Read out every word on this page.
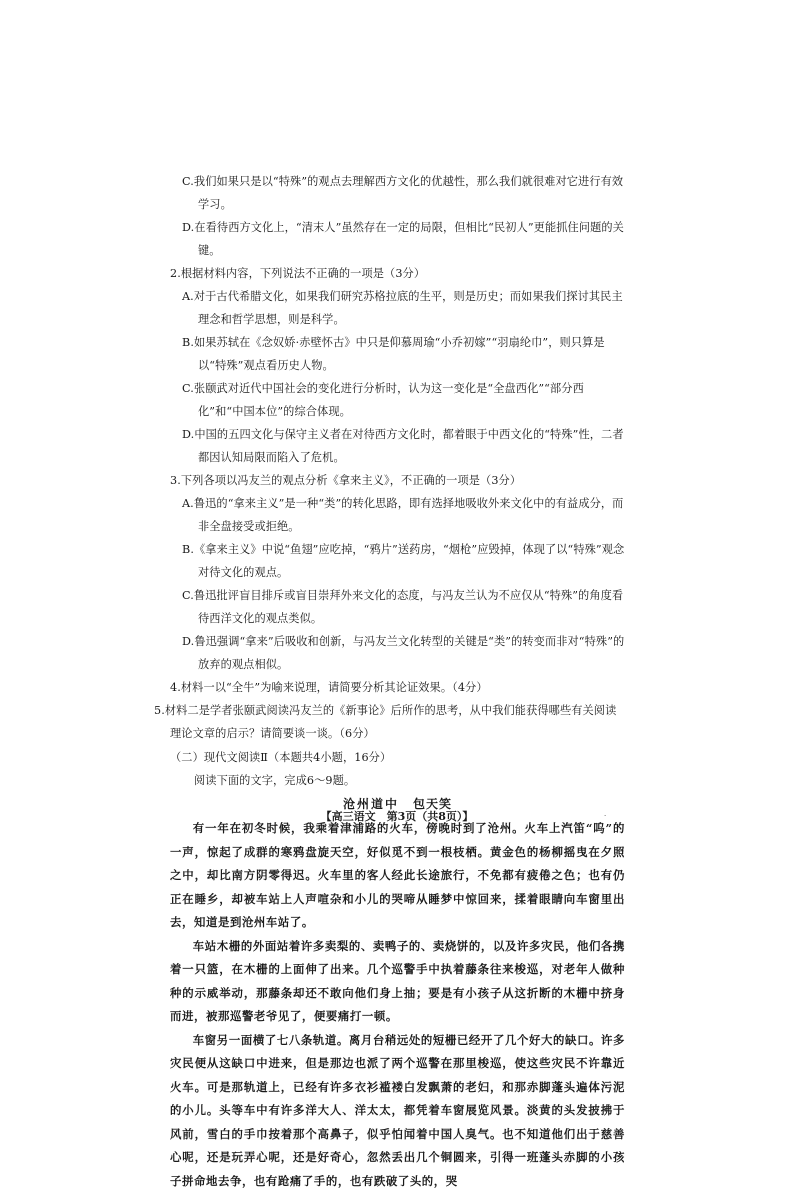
C.我们如果只是以“特殊”的观点去理解西方文化的优越性，那么我们就很难对它进行有效学习。
D.在看待西方文化上，“清末人”虽然存在一定的局限，但相比“民初人”更能抓住问题的关键。
2.根据材料内容，下列说法不正确的一项是（3分）
A.对于古代希腊文化，如果我们研究苏格拉底的生平，则是历史；而如果我们探讨其民主理念和哲学思想，则是科学。
B.如果苏轼在《念奴娇·赤壁怀古》中只是仰慕周瑜“小乔初嫁”“羽扇纶巾”，则只算是以“特殊”观点看历史人物。
C.张颐武对近代中国社会的变化进行分析时，认为这一变化是“全盘西化”“部分西化”和“中国本位”的综合体现。
D.中国的五四文化与保守主义者在对待西方文化时，都着眼于中西文化的“特殊”性，二者都因认知局限而陷入了危机。
3.下列各项以冯友兰的观点分析《拿来主义》，不正确的一项是（3分）
A.鲁迅的“拿来主义”是一种“类”的转化思路，即有选择地吸收外来文化中的有益成分，而非全盘接受或拒绝。
B.《拿来主义》中说“鱼翅”应吃掉，“鸦片”送药房，“烟枪”应毁掉，体现了以“特殊”观念对待文化的观点。
C.鲁迅批评盲目排斥或盲目崇拜外来文化的态度，与冯友兰认为不应仅从“特殊”的角度看待西洋文化的观点类似。
D.鲁迅强调“拿来”后吸收和创新，与冯友兰文化转型的关键是“类”的转变而非对“特殊”的放弃的观点相似。
4.材料一以“全牛”为喻来说理，请简要分析其论证效果。（4分）
5.材料二是学者张颐武阅读冯友兰的《新事论》后所作的思考，从中我们能获得哪些有关阅读理论文章的启示？请简要谈一谈。（6分）
（二）现代文阅读Ⅱ（本题共4小题，16分）
阅读下面的文字，完成6～9题。
沧州道中 包天笑
有一年在初冬时候，我乘着津浦路的火车，傍晚时到了沧州。火车上汽笛“呜”的一声，惊起了成群的寒鸦盘旋天空，好似觅不到一根枝栖。黄金色的杨柳摇曳在夕照之中，却比南方阴零得迟。火车里的客人经此长途旅行，不免都有疲倦之色；也有仍正在睡乡，却被车站上人声喧杂和小儿的哭啼从睡梦中惊回来，揉着眼睛向车窗里出去，知道是到沧州车站了。
车站木栅的外面站着许多卖梨的、卖鸭子的、卖烧饼的，以及许多灾民，他们各携着一只篮，在木栅的上面伸了出来。几个巡警手中执着藤条往来梭巡，对老年人做种种的示威举动，那藤条却还不敢向他们身上抽；要是有小孩子从这折断的木栅中挤身而进，被那巡警老爷见了，便要痛打一顿。
车窗另一面横了七八条轨道。离月台稍远处的短栅已经开了几个好大的缺口。许多灾民便从这缺口中进来，但是那边也派了两个巡警在那里梭巡，使这些灾民不许靠近火车。可是那轨道上，已经有许多衣衫褴褛白发飘萧的老妇，和那赤脚蓬头遍体污泥的小儿。头等车中有许多洋大人、洋太太，都凭着车窗展览风景。淡黄的头发披拂于风前，雪白的手巾按着那个高鼻子，似乎怕闻着中国人臭气。也不知道他们出于慈善心呢，还是玩弄心呢，还是好奇心，忽然丢出几个铜圆来，引得一班蓬头赤脚的小孩子拼命地去争，也有跄痛了手的，也有跌破了头的，哭
【高三语文　第3页（共8页）】	·
